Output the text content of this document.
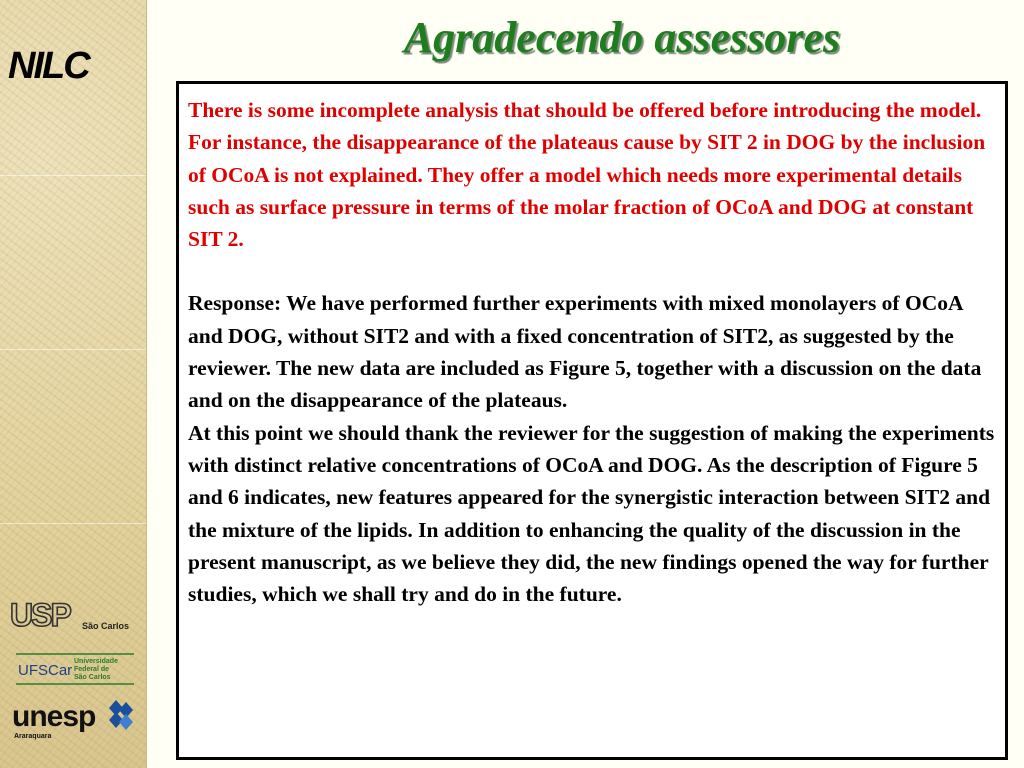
NILC
USP São Carlos
UFSCar
Universidade
Federal de
São Carlos
unesp
Araraquara
Agradecendo assessores

There is some incomplete analysis that should be offered before introducing the model. For instance, the disappearance of the plateaus cause by SIT 2 in DOG by the inclusion of OCoA is not explained. They offer a model which needs more experimental details such as surface pressure in terms of the molar fraction of OCoA and DOG at constant SIT 2.

Response: We have performed further experiments with mixed monolayers of OCoA and DOG, without SIT2 and with a fixed concentration of SIT2, as suggested by the reviewer. The new data are included as Figure 5, together with a discussion on the data and on the disappearance of the plateaus.

At this point we should thank the reviewer for the suggestion of making the experiments with distinct relative concentrations of OCoA and DOG. As the description of Figure 5 and 6 indicates, new features appeared for the synergistic interaction between SIT2 and the mixture of the lipids. In addition to enhancing the quality of the discussion in the present manuscript, as we believe they did, the new findings opened the way for further studies, which we shall try and do in the future.
